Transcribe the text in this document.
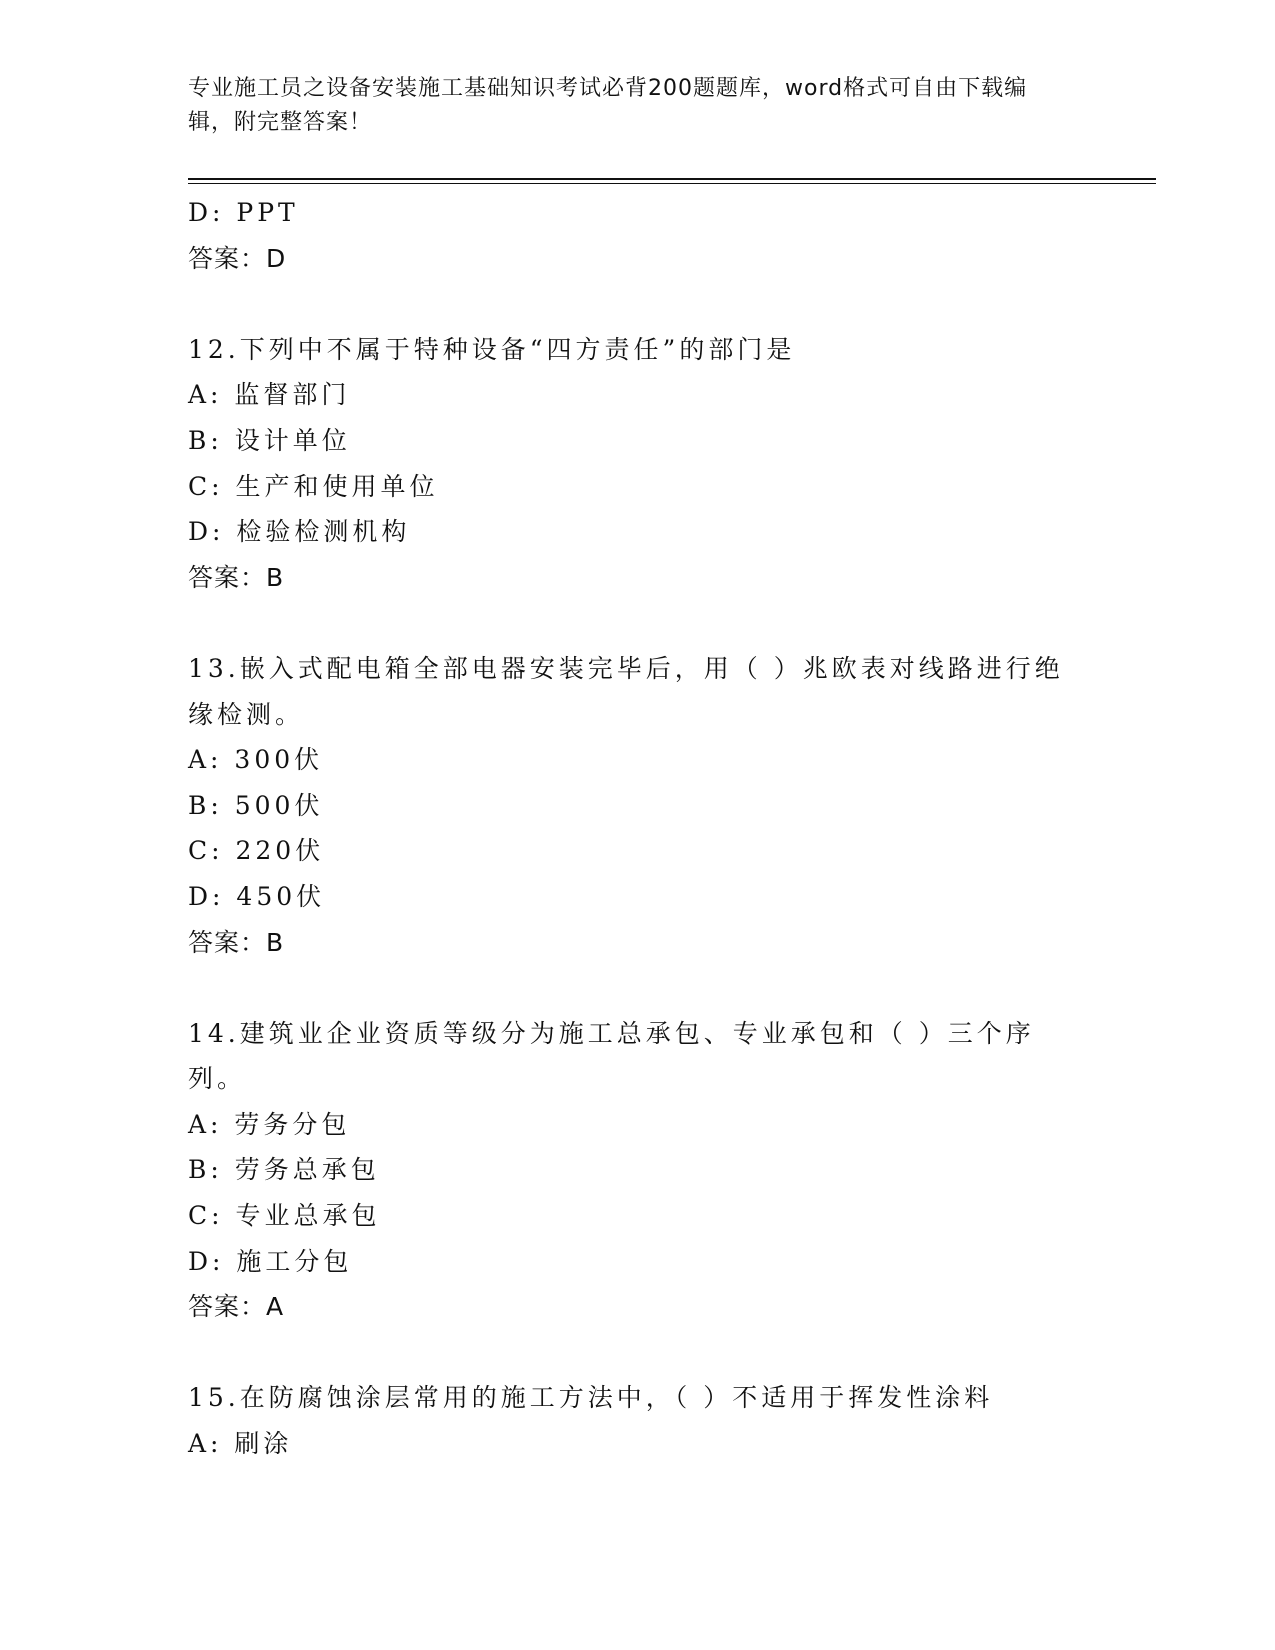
专业施工员之设备安装施工基础知识考试必背200题题库，word格式可自由下载编辑，附完整答案！
D: PPT
答案：D
12.下列中不属于特种设备“四方责任”的部门是
A: 监督部门
B: 设计单位
C: 生产和使用单位
D: 检验检测机构
答案：B
13.嵌入式配电箱全部电器安装完毕后，用（ ）兆欧表对线路进行绝缘检测。
A: 300伏
B: 500伏
C: 220伏
D: 450伏
答案：B
14.建筑业企业资质等级分为施工总承包、专业承包和（ ）三个序列。
A: 劳务分包
B: 劳务总承包
C: 专业总承包
D: 施工分包
答案：A
15.在防腐蚀涂层常用的施工方法中，（ ）不适用于挥发性涂料
A: 刷涂
